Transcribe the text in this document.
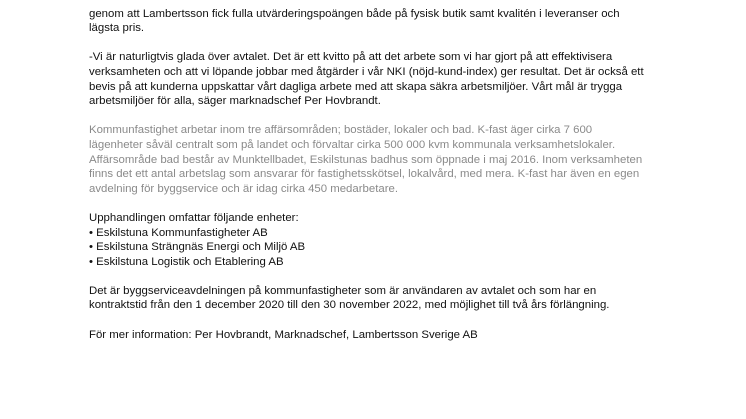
genom att Lambertsson fick fulla utvärderingspoängen både på fysisk butik samt kvalitén i leveranser och

lägsta pris.

-Vi är naturligtvis glada över avtalet. Det är ett kvitto på att det arbete som vi har gjort på att effektivisera

verksamheten och att vi löpande jobbar med åtgärder i vår NKI (nöjd-kund-index) ger resultat. Det är också ett

bevis på att kunderna uppskattar vårt dagliga arbete med att skapa säkra arbetsmiljöer. Vårt mål är trygga

arbetsmiljöer för alla, säger marknadschef Per Hovbrandt.

Kommunfastighet arbetar inom tre affärsområden; bostäder, lokaler och bad. K-fast äger cirka 7 600

lägenheter såväl centralt som på landet och förvaltar cirka 500 000 kvm kommunala verksamhetslokaler.

Affärsområde bad består av Munktellbadet, Eskilstunas badhus som öppnade i maj 2016. Inom verksamheten

finns det ett antal arbetslag som ansvarar för fastighetsskötsel, lokalvård, med mera. K-fast har även en egen

avdelning för byggservice och är idag cirka 450 medarbetare.

Upphandlingen omfattar följande enheter:

• Eskilstuna Kommunfastigheter AB

• Eskilstuna Strängnäs Energi och Miljö AB

• Eskilstuna Logistik och Etablering AB

Det är byggserviceavdelningen på kommunfastigheter som är användaren av avtalet och som har en

kontraktstid från den 1 december 2020 till den 30 november 2022, med möjlighet till två års förlängning.

För mer information: Per Hovbrandt, Marknadschef, Lambertsson Sverige AB
